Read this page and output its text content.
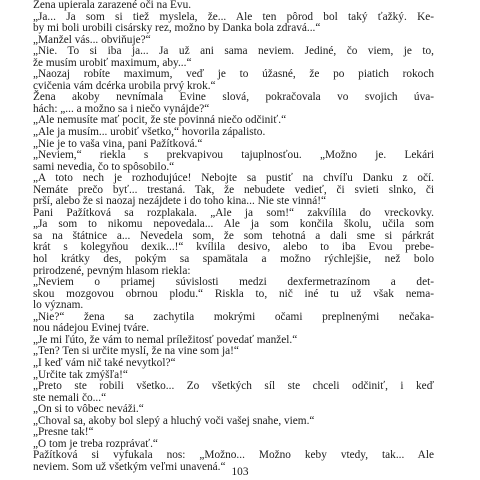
Žena upierala zarazené oči na Evu.
„Ja... Ja som si tiež myslela, že... Ale ten pôrod bol taký ťažký. Ke-
by mi boli urobili cisársky rez, možno by Danka bola zdravá...“
„Manžel vás... obviňuje?“
„Nie. To si iba ja... Ja už ani sama neviem. Jediné, čo viem, je to,
že musím urobiť maximum, aby...“
„Naozaj robíte maximum, veď je to úžasné, že po piatich rokoch
cvičenia vám dcérka urobila prvý krok.“
Žena akoby nevnímala Evine slová, pokračovala vo svojich úva-
hách: „... a možno sa i niečo vynájde?“
„Ale nemusíte mať pocit, že ste povinná niečo odčiniť.“
„Ale ja musím... urobiť všetko,“ hovorila zápalisto.
„Nie je to vaša vina, pani Pažítková.“
„Neviem,“ riekla s prekvapivou tajuplnosťou. „Možno je. Lekári
sami nevedia, čo to spôsobilo.“
„A toto nech je rozhodujúce! Nebojte sa pustiť na chvíľu Danku z očí.
Nemáte prečo byť... trestaná. Tak, že nebudete vedieť, či svieti slnko, či
prší, alebo že si naozaj nezájdete i do toho kina... Nie ste vinná!“
Pani Pažítková sa rozplakala. „Ale ja som!“ zakvílila do vreckovky.
„Ja som to nikomu nepovedala... Ale ja som končila školu, učila som
sa na štátnice a... Nevedela som, že som tehotná a dali sme si párkrát
krát s kolegyňou dexik...!“ kvílila desivo, alebo to iba Evou prebe-
hol krátky des, pokým sa spamätala a možno rýchlejšie, než bolo
prirodzené, pevným hlasom riekla:
„Neviem o priamej súvislosti medzi dexfermetrazínom a det-
skou mozgovou obrnou plodu.“ Riskla to, nič iné tu už však nema-
lo význam.
„Nie?“ žena sa zachytila mokrými očami preplnenými nečaka-
nou nádejou Evinej tváre.
„Je mi ľúto, že vám to nemal príležitosť povedať manžel.“
„Ten? Ten si určite myslí, že na vine som ja!“
„I keď vám nič také nevytkol?“
„Určite tak zmýšľa!“
„Preto ste robili všetko... Zo všetkých síl ste chceli odčiniť, i keď
ste nemali čo...“
„On si to vôbec neváži.“
„Choval sa, akoby bol slepý a hluchý voči vašej snahe, viem.“
„Presne tak!“
„O tom je treba rozprávať.“
Pažítková si vyfukala nos: „Možno... Možno keby vtedy, tak... Ale
neviem. Som už všetkým veľmi unavená.“ 103
